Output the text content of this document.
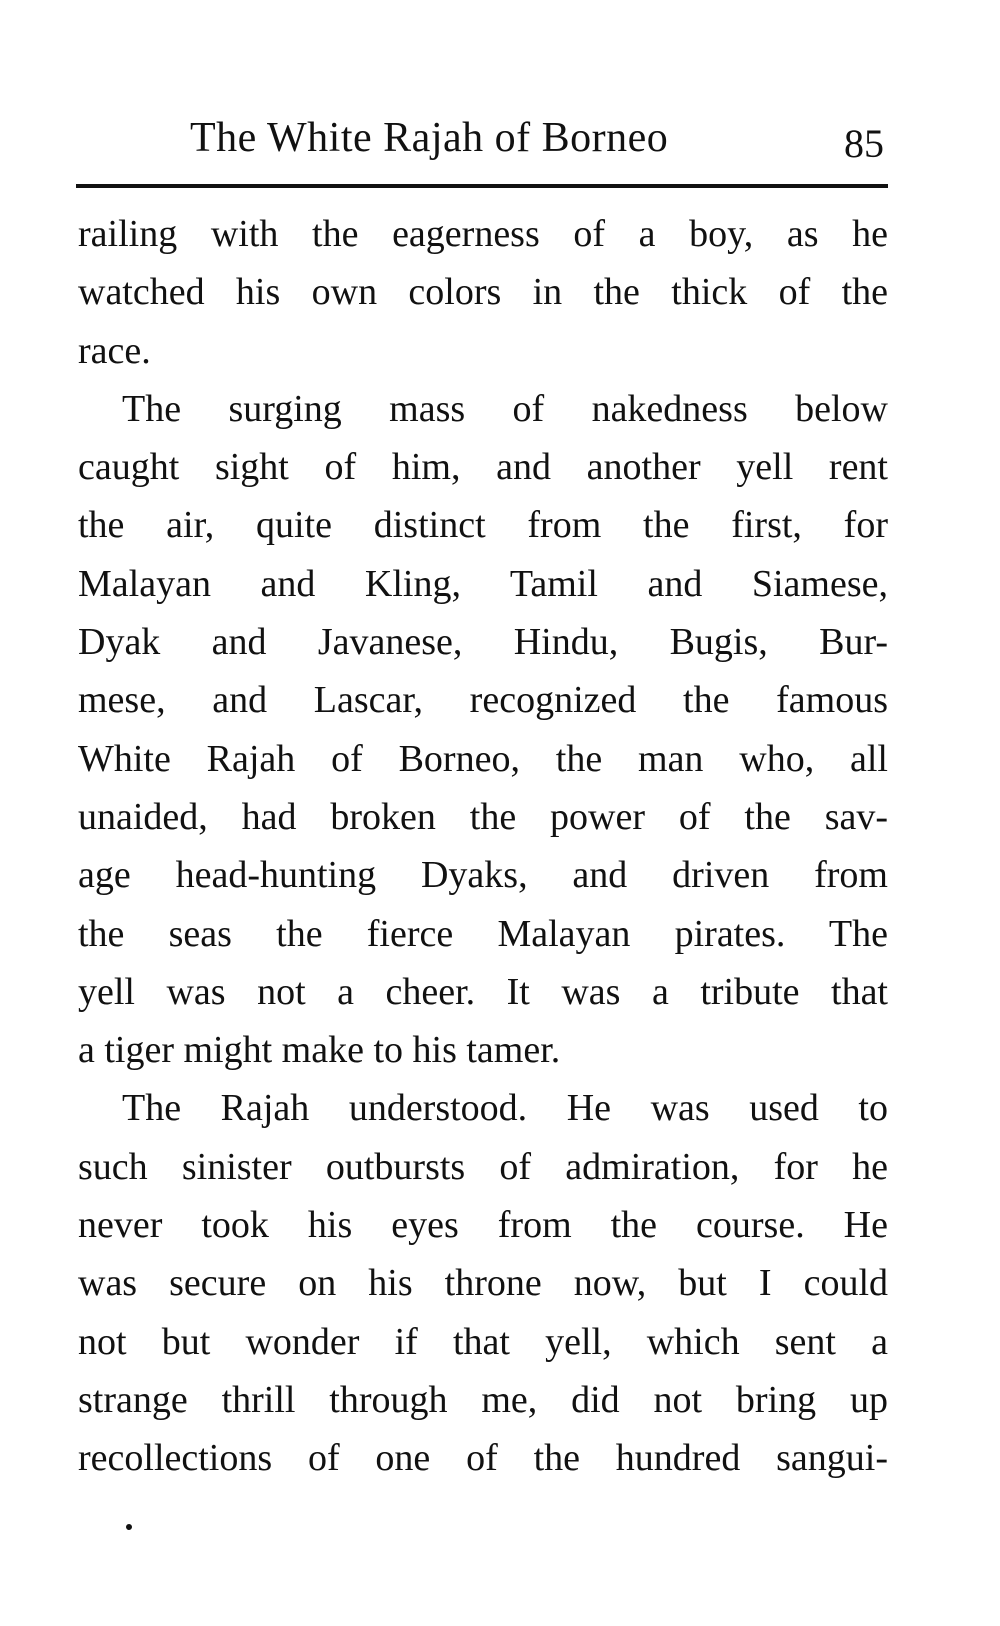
The White Rajah of Borneo	85
railing with the eagerness of a boy, as he
watched his own colors in the thick of the
race.
The surging mass of nakedness below
caught sight of him, and another yell rent
the air, quite distinct from the first, for
Malayan and Kling, Tamil and Siamese,
Dyak and Javanese, Hindu, Bugis, Bur-
mese, and Lascar, recognized the famous
White Rajah of Borneo, the man who, all
unaided, had broken the power of the sav-
age head-hunting Dyaks, and driven from
the seas the fierce Malayan pirates. The
yell was not a cheer. It was a tribute that
a tiger might make to his tamer.
The Rajah understood. He was used to
such sinister outbursts of admiration, for he
never took his eyes from the course. He
was secure on his throne now, but I could
not but wonder if that yell, which sent a
strange thrill through me, did not bring up
recollections of one of the hundred sangui-
